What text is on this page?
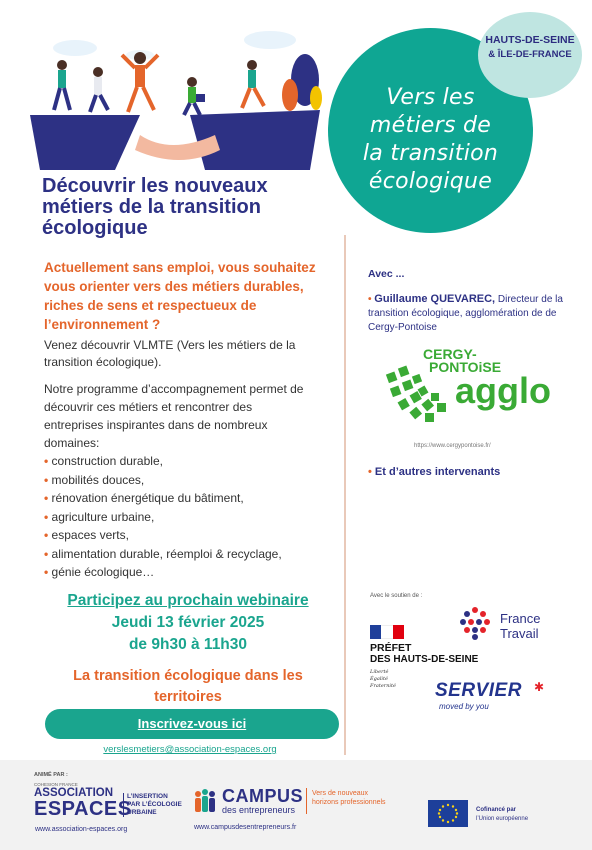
HAUTS-DE-SEINE
& ÎLE-DE-FRANCE
Vers les
métiers de
la transition
écologique
Découvrir les nouveaux
métiers de la transition
écologique
Actuellement sans emploi, vous souhaitez
vous orienter vers des métiers durables,
riches de sens et respectueux de
l’environnement ?
Venez découvrir VLMTE (Vers les métiers de la
transition écologique).
Notre programme d’accompagnement permet de
découvrir ces métiers et rencontrer des
entreprises inspirantes dans de nombreux
domaines:
• construction durable,
• mobilités douces,
• rénovation énergétique du bâtiment,
• agriculture urbaine,
• espaces verts,
• alimentation durable, réemploi & recyclage,
• génie écologique…
Participez au prochain webinaire
Jeudi 13 février 2025
de 9h30 à 11h30
La transition écologique dans les
territoires
Inscrivez-vous ici
verslesmetiers@association-espaces.org
Avec ...
• Guillaume QUEVAREC, Directeur de la transition écologique, agglomération de de Cergy-Pontoise
CERGY-
PONTOiSE
agglo
https://www.cergypontoise.fr/
• Et d’autres intervenants
Avec le soutien de :
PRÉFET
DES HAUTS-DE-SEINE
Liberté
Égalité
Fraternité
France
Travail
SERVIER	✱
moved by you
ANIMÉ PAR :
COHESION FRANCE
ASSOCIATION
ESPACES
L’INSERTION
PAR L’ÉCOLOGIE
URBAINE
www.association-espaces.org
CAMPUS
des entrepreneurs
Vers de nouveaux
horizons professionnels
www.campusdesentrepreneurs.fr
Cofinancé par
l’Union européenne
